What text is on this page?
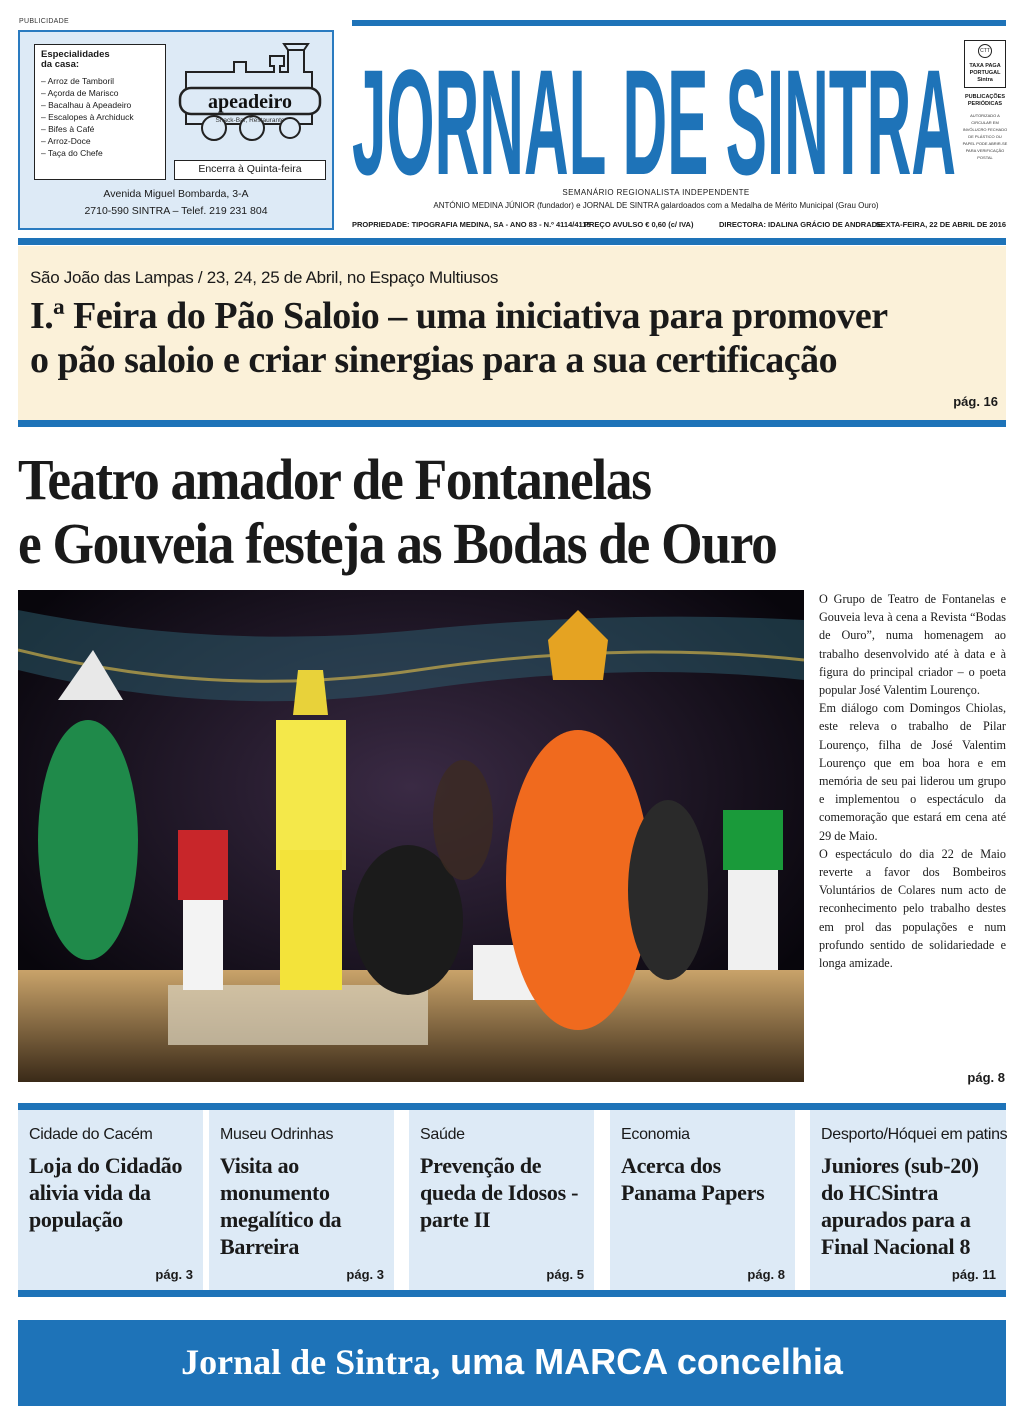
PUBLICIDADE
Especialidades
da casa:
– Arroz de Tamboril
– Açorda de Marisco
– Bacalhau à Apeadeiro
– Escalopes à Archiduck
– Bifes à Café
– Arroz-Doce
– Taça do Chefe
apeadeiro
Snack-Bar, Restaurante
Encerra à Quinta-feira
Avenida Miguel Bombarda, 3-A
2710-590 SINTRA – Telef. 219 231 804
JORNAL DE SINTRA	TAXA PAGA PORTUGAL Sintra
CTT
PUBLICAÇÕES PERIÓDICAS
AUTORIZADO A CIRCULAR EM INVÓLUCRO FECHADO DE PLÁSTICO OU PAPEL PODE ABRIR-SE PARA VERIFICAÇÃO POSTAL
SEMANÁRIO REGIONALISTA INDEPENDENTE
ANTÓNIO MEDINA JÚNIOR (fundador) e JORNAL DE SINTRA galardoados com a Medalha de Mérito Municipal (Grau Ouro)
PROPRIEDADE: TIPOGRAFIA MEDINA, SA - ANO 83 - N.º 4114/4115
PREÇO AVULSO € 0,60 (c/ IVA)	DIRECTORA: IDALINA GRÁCIO DE ANDRADE
SEXTA-FEIRA, 22 DE ABRIL DE 2016
São João das Lampas / 23, 24, 25 de Abril, no Espaço Multiusos
I.ª Feira do Pão Saloio – uma iniciativa para promover
o pão saloio e criar sinergias para a sua certificação
pág. 16
Teatro amador de Fontanelas
e Gouveia festeja as Bodas de Ouro

O Grupo de Teatro de Fontanelas e Gouveia leva à cena a Revista “Bodas de Ouro”, numa homenagem ao trabalho desenvolvido até à data e à figura do principal criador – o poeta popular José Valentim Lourenço.

Em diálogo com Domingos Chiolas, este releva o trabalho de Pilar Lourenço, filha de José Valentim Lourenço que em boa hora e em memória de seu pai liderou um grupo e implementou o espectáculo da comemoração que estará em cena até 29 de Maio.

O espectáculo do dia 22 de Maio reverte a favor dos Bombeiros Voluntários de Colares num acto de reconhecimento pelo trabalho destes em prol das populações e num profundo sentido de solidariedade e longa amizade.

pág. 8
Cidade do Cacém
Loja do Cidadão alivia vida da população
pág. 3
Museu Odrinhas
Visita ao monumento megalítico da Barreira
pág. 3
Saúde
Prevenção de queda de Idosos - parte II
pág. 5
Economia
Acerca dos Panama Papers
pág. 8
Desporto/Hóquei em patins
Juniores (sub-20) do HCSintra apurados para a Final Nacional 8
pág. 11
Jornal de Sintra, uma MARCA concelhia
